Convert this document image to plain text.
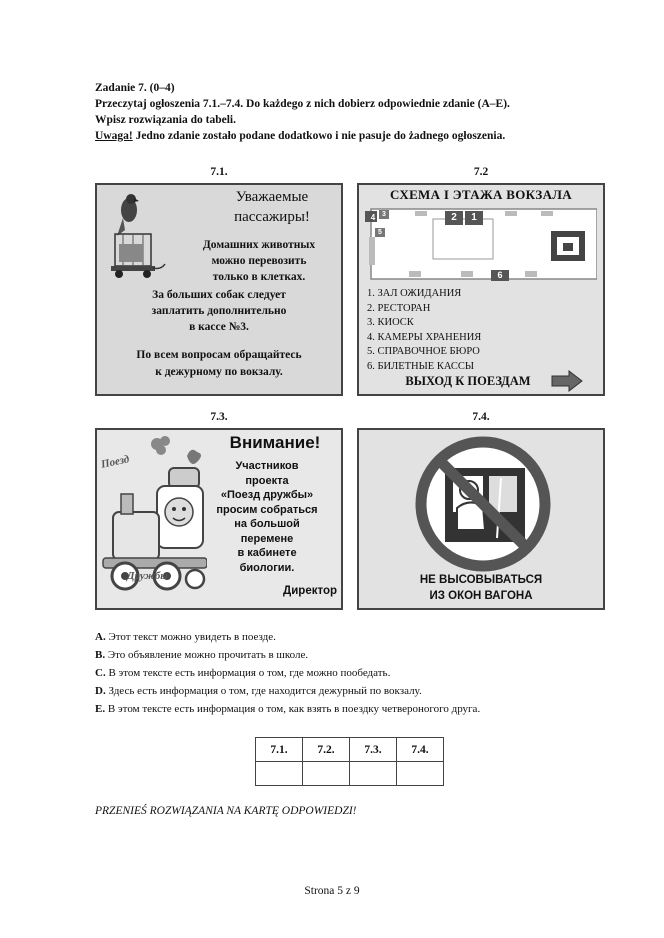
Zadanie 7. (0–4)

Przeczytaj ogłoszenia 7.1.–7.4. Do każdego z nich dobierz odpowiednie zdanie (A–E).

Wpisz rozwiązania do tabeli.

Uwaga! Jedno zdanie zostało podane dodatkowo i nie pasuje do żadnego ogłoszenia.

7.1.	7.2
7.3.	7.4.
Уважаемые
пассажиры!
Домашних животных
можно перевозить
только в клетках.
За больших собак следует
заплатить дополнительно
в кассе №3.
По всем вопросам обращайтесь
к дежурному по вокзалу.
СХЕМА I ЭТАЖА ВОКЗАЛА
4 3
5
2	1
6
1. ЗАЛ ОЖИДАНИЯ
2. РЕСТОРАН
3. КИОСК
4. КАМЕРЫ ХРАНЕНИЯ
5. СПРАВОЧНОЕ БЮРО
6. БИЛЕТНЫЕ КАССЫ
ВЫХОД К ПОЕЗДАМ
Поезд
Дружбы
Внимание!
Участников
проекта
«Поезд дружбы»
просим собраться
на большой
перемене
в кабинете
биологии.
Директор
НЕ ВЫСОВЫВАТЬСЯ
ИЗ ОКОН ВАГОНА
A. Этот текст можно увидеть в поезде.
B. Это объявление можно прочитать в школе.
C. В этом тексте есть информация о том, где можно пообедать.
D. Здесь есть информация о том, где находится дежурный по вокзалу.
E. В этом тексте есть информация о том, как взять в поездку четвероногого друга.
7.1.	7.2.	7.3.	7.4.

PRZENIEŚ ROZWIĄZANIA NA KARTĘ ODPOWIEDZI!
Strona 5 z 9
